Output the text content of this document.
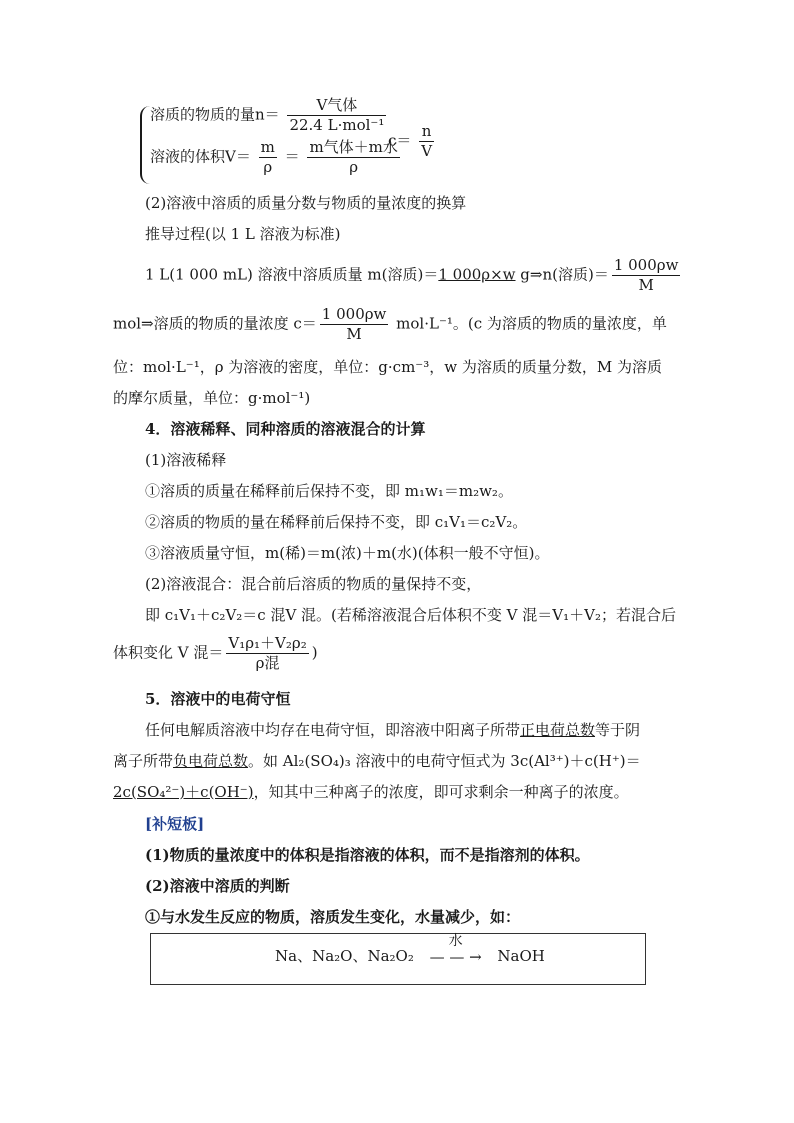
溶质的物质的量$n= \frac{\text{V气体}}{\text{22.4 L·mol⁻¹}}$
溶液的体积$V= \frac{m}{\rho} = \frac{\text{m气体＋m水}}{\rho}$
$c= \frac{n}{V}$
(2)溶液中溶质的质量分数与物质的量浓度的换算
推导过程(以 1 L 溶液为标准)
1 L(1 000 mL) 溶液中溶质质量 m(溶质)＝1 000ρ×w g⇒n(溶质)＝ $\frac{1 000\rho w}{M}$
mol⇒溶质的物质的量浓度 $c= \frac{1 000\rho w}{M} mol\cdot L^{-1}$。(c 为溶质的物质的量浓度，单
位：mol·L⁻¹，ρ 为溶液的密度，单位：g·cm⁻³，w 为溶质的质量分数，M 为溶质
的摩尔质量，单位：g·mol⁻¹)
4．溶液稀释、同种溶质的溶液混合的计算
(1)溶液稀释
①溶质的质量在稀释前后保持不变，即 m₁w₁＝m₂w₂。
②溶质的物质的量在稀释前后保持不变，即 c₁V₁＝c₂V₂。
③溶液质量守恒，m(稀)＝m(浓)＋m(水)(体积一般不守恒)。
(2)溶液混合：混合前后溶质的物质的量保持不变，
即 c₁V₁＋c₂V₂＝c 混V 混。(若稀溶液混合后体积不变 V 混＝V₁＋V₂；若混合后
体积变化 V 混＝ $\frac{\text{V₁ρ₁＋V₂ρ₂}}{\text{ρ混}}$ )
5．溶液中的电荷守恒
任何电解质溶液中均存在电荷守恒，即溶液中阳离子所带正电荷总数等于阴
离子所带负电荷总数。如 Al₂(SO₄)₃ 溶液中的电荷守恒式为 3c(Al³⁺)＋c(H⁺)＝
2c(SO₄²⁻)＋c(OH⁻)，知其中三种离子的浓度，即可求剩余一种离子的浓度。
[补短板]
(1)物质的量浓度中的体积是指溶液的体积，而不是指溶剂的体积。
(2)溶液中溶质的判断
①与水发生反应的物质，溶质发生变化，水量减少，如：
Na、Na₂O、Na₂O₂
水
— — → NaOH
